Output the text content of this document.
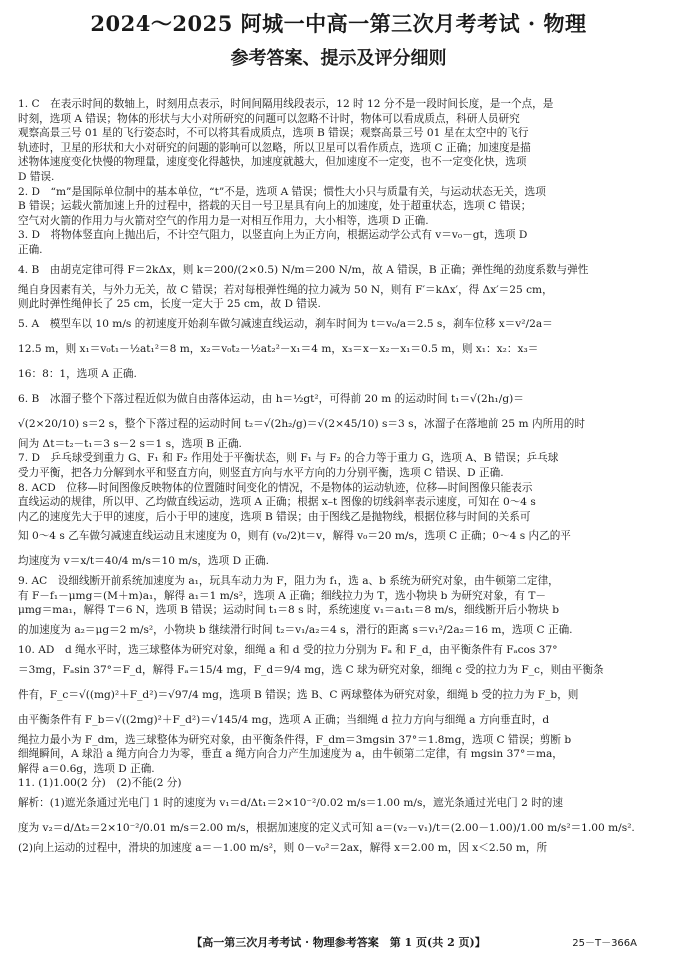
2024～2025 阿城一中高一第三次月考考试 · 物理
参考答案、提示及评分细则

1. C　在表示时间的数轴上，时刻用点表示，时间间隔用线段表示，12 时 12 分不是一段时间长度，是一个点，是

时刻，选项 A 错误；物体的形状与大小对所研究的问题可以忽略不计时，物体可以看成质点，科研人员研究

观察高景三号 01 星的飞行姿态时，不可以将其看成质点，选项 B 错误；观察高景三号 01 星在太空中的飞行

轨迹时，卫星的形状和大小对研究的问题的影响可以忽略，所以卫星可以看作质点，选项 C 正确；加速度是描

述物体速度变化快慢的物理量，速度变化得越快，加速度就越大，但加速度不一定变，也不一定变化快，选项

D 错误.

2. D　“m”是国际单位制中的基本单位，“t”不是，选项 A 错误；惯性大小只与质量有关，与运动状态无关，选项

B 错误；运载火箭加速上升的过程中，搭载的天目一号卫星具有向上的加速度，处于超重状态，选项 C 错误；

空气对火箭的作用力与火箭对空气的作用力是一对相互作用力，大小相等，选项 D 正确.

3. D　将物体竖直向上抛出后，不计空气阻力，以竖直向上为正方向，根据运动学公式有 v＝v₀－gt，选项 D

正确.

4. B　由胡克定律可得 F＝2kΔx，则 k＝200/(2×0.5) N/m＝200 N/m，故 A 错误，B 正确；弹性绳的劲度系数与弹性

绳自身因素有关，与外力无关，故 C 错误；若对每根弹性绳的拉力减为 50 N，则有 F′＝kΔx′，得 Δx′＝25 cm，

则此时弹性绳伸长了 25 cm，长度一定大于 25 cm，故 D 错误.

5. A　模型车以 10 m/s 的初速度开始刹车做匀减速直线运动，刹车时间为 t＝v₀/a＝2.5 s，刹车位移 x＝v²/2a＝

12.5 m，则 x₁＝v₀t₁－½at₁²＝8 m，x₂＝v₀t₂－½at₂²－x₁＝4 m，x₃＝x－x₂－x₁＝0.5 m，则 x₁：x₂：x₃＝

16：8：1，选项 A 正确.

6. B　冰溜子整个下落过程近似为做自由落体运动，由 h＝½gt²，可得前 20 m 的运动时间 t₁＝√(2h₁/g)＝

√(2×20/10) s＝2 s，整个下落过程的运动时间 t₂＝√(2h₂/g)＝√(2×45/10) s＝3 s，冰溜子在落地前 25 m 内所用的时

间为 Δt＝t₂－t₁＝3 s－2 s＝1 s，选项 B 正确.

7. D　乒乓球受到重力 G、F₁ 和 F₂ 作用处于平衡状态，则 F₁ 与 F₂ 的合力等于重力 G，选项 A、B 错误；乒乓球

受力平衡，把各力分解到水平和竖直方向，则竖直方向与水平方向的力分别平衡，选项 C 错误、D 正确.

8. ACD　位移—时间图像反映物体的位置随时间变化的情况，不是物体的运动轨迹，位移—时间图像只能表示

直线运动的规律，所以甲、乙均做直线运动，选项 A 正确；根据 x–t 图像的切线斜率表示速度，可知在 0～4 s

内乙的速度先大于甲的速度，后小于甲的速度，选项 B 错误；由于图线乙是抛物线，根据位移与时间的关系可

知 0～4 s 乙车做匀减速直线运动且末速度为 0，则有 (v₀/2)t＝v，解得 v₀＝20 m/s，选项 C 正确；0～4 s 内乙的平

均速度为 v＝x/t＝40/4 m/s＝10 m/s，选项 D 正确.

9. AC　设细线断开前系统加速度为 a₁，玩具车动力为 F，阻力为 f₁，选 a、b 系统为研究对象，由牛顿第二定律，

有 F－f₁－μmg＝(M＋m)a₁，解得 a₁＝1 m/s²，选项 A 正确；细线拉力为 T，选小物块 b 为研究对象，有 T－

μmg＝ma₁，解得 T＝6 N，选项 B 错误；运动时间 t₁＝8 s 时，系统速度 v₁＝a₁t₁＝8 m/s，细线断开后小物块 b

的加速度为 a₂＝μg＝2 m/s²，小物块 b 继续滑行时间 t₂＝v₁/a₂＝4 s，滑行的距离 s＝v₁²/2a₂＝16 m，选项 C 正确.

10. AD　d 绳水平时，选三球整体为研究对象，细绳 a 和 d 受的拉力分别为 Fₐ 和 F_d，由平衡条件有 Fₐcos 37°

＝3mg，Fₐsin 37°＝F_d，解得 Fₐ＝15/4 mg，F_d＝9/4 mg，选 C 球为研究对象，细绳 c 受的拉力为 F_c，则由平衡条

件有，F_c＝√((mg)²＋F_d²)＝√97/4 mg，选项 B 错误；选 B、C 两球整体为研究对象，细绳 b 受的拉力为 F_b，则

由平衡条件有 F_b＝√((2mg)²＋F_d²)＝√145/4 mg，选项 A 正确；当细绳 d 拉力方向与细绳 a 方向垂直时，d

绳拉力最小为 F_dm，选三球整体为研究对象，由平衡条件得，F_dm＝3mgsin 37°＝1.8mg，选项 C 错误；剪断 b

细绳瞬间，A 球沿 a 绳方向合力为零，垂直 a 绳方向合力产生加速度为 a，由牛顿第二定律，有 mgsin 37°＝ma，

解得 a＝0.6g，选项 D 正确.

11. (1)1.00(2 分)　(2)不能(2 分)

解析：(1)遮光条通过光电门 1 时的速度为 v₁＝d/Δt₁＝2×10⁻²/0.02 m/s＝1.00 m/s，遮光条通过光电门 2 时的速

度为 v₂＝d/Δt₂＝2×10⁻²/0.01 m/s＝2.00 m/s，根据加速度的定义式可知 a＝(v₂－v₁)/t＝(2.00－1.00)/1.00 m/s²＝1.00 m/s².

(2)向上运动的过程中，滑块的加速度 a＝－1.00 m/s²，则 0－v₀²＝2ax，解得 x＝2.00 m，因 x＜2.50 m，所

【高一第三次月考考试 · 物理参考答案　第 1 页(共 2 页)】	25－T－366A
